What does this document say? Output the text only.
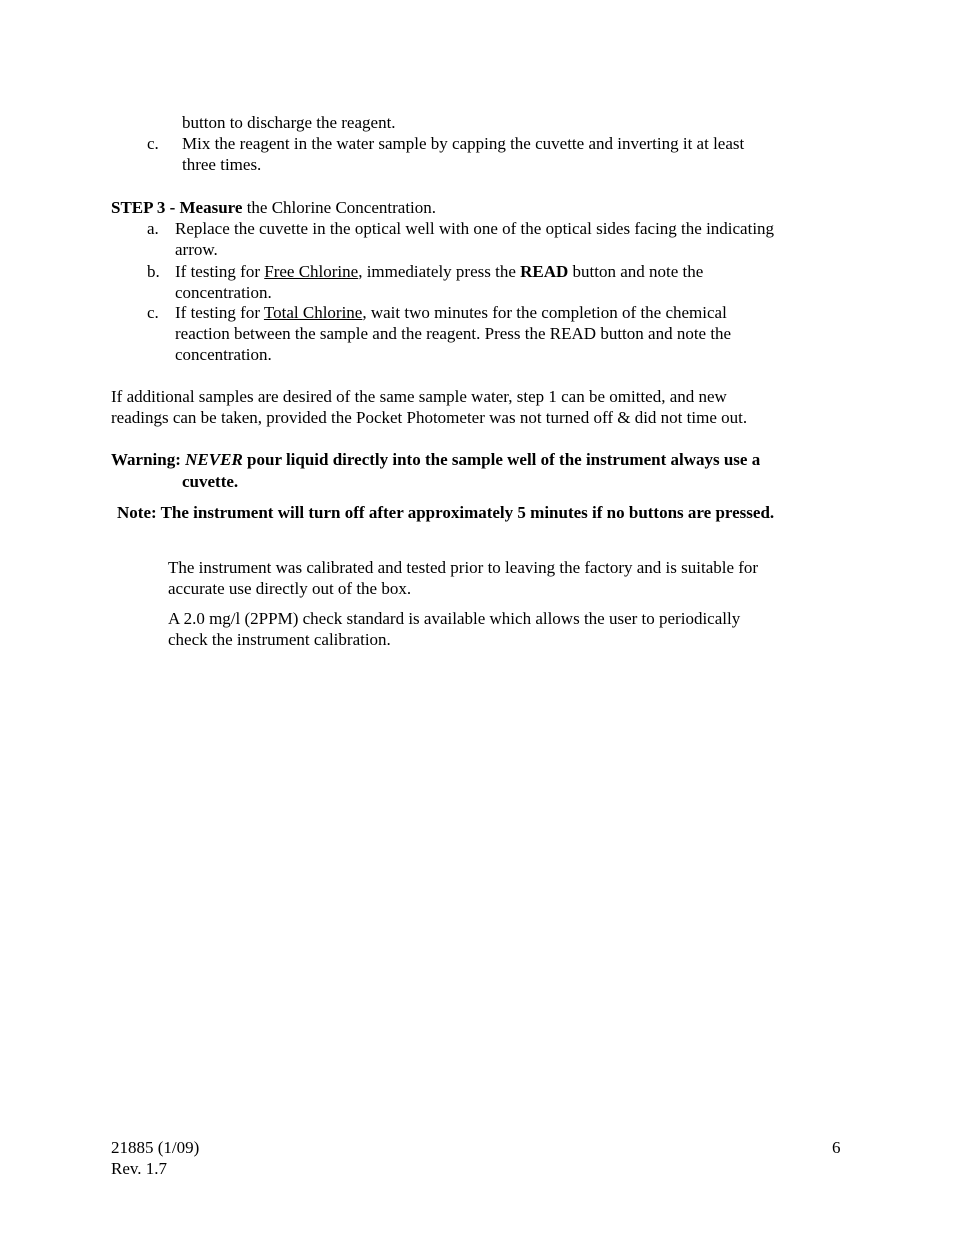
button to discharge the reagent.
c. Mix the reagent in the water sample by capping the cuvette and inverting it at least
three times.
STEP 3 - Measure the Chlorine Concentration.
a. Replace the cuvette in the optical well with one of the optical sides facing the indicating
arrow.
b. If testing for Free Chlorine, immediately press the READ button and note the
concentration.
c. If testing for Total Chlorine, wait two minutes for the completion of the chemical
reaction between the sample and the reagent. Press the READ button and note the
concentration.
If additional samples are desired of the same sample water, step 1 can be omitted, and new
readings can be taken, provided the Pocket Photometer was not turned off & did not time out.
Warning: NEVER pour liquid directly into the sample well of the instrument always use a
cuvette.
Note: The instrument will turn off after approximately 5 minutes if no buttons are pressed.
The instrument was calibrated and tested prior to leaving the factory and is suitable for
accurate use directly out of the box.
A 2.0 mg/l (2PPM) check standard is available which allows the user to periodically
check the instrument calibration.
21885 (1/09)
Rev. 1.7
6
